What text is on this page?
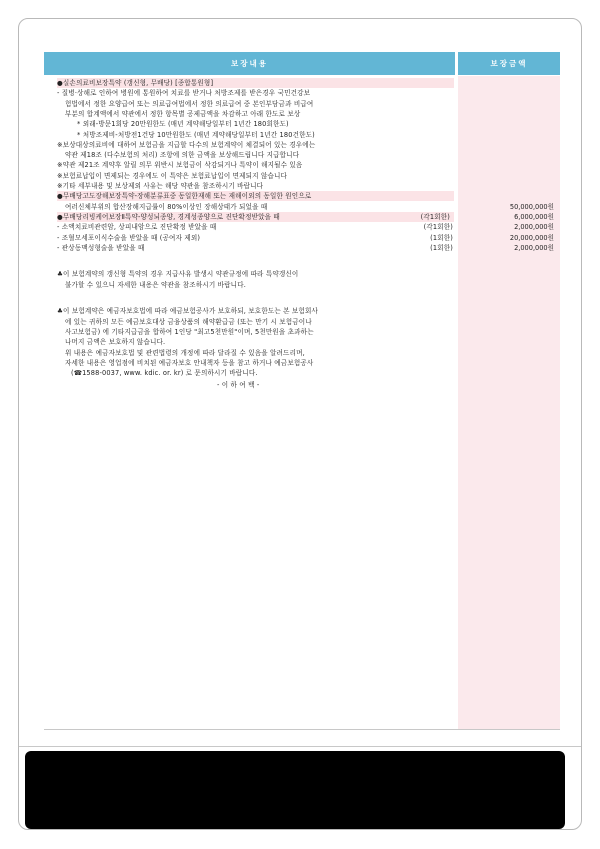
보장내용	보장금액
●실손의료비보장특약 (갱신형, 무배당) [종합통원형]
- 질병·상해로 인하여 병원에 통원하여 치료를 받거나 처방조제를 받은경우 국민건강보
험법에서 정한 요양급여 또는 의료급여법에서 정한 의료급여 중 본인부담금과 비급여
부분의 합계액에서 약관에서 정한 항목별 공제금액을 차감하고 아래 한도로 보상
* 외래-방문1회당 20만원한도 (매년 계약해당일부터 1년간 180회한도)
* 처방조제비-처방전1건당 10만원한도 (매년 계약해당일부터 1년간 180건한도)
※보상대상의료비에 대하여 보험금을 지급할 다수의 보험계약이 체결되어 있는 경우에는
약관 제18조 (다수보험의 처리) 조항에 의한 금액을 보상해드립니다 지급합니다
※약관 제21조 계약후 알릴 의무 위반시 보험금이 삭감되거나 특약이 해지될수 있음
※보험료납입이 면제되는 경우에도 이 특약은 보험료납입이 면제되지 않습니다
※기타 세부내용 및 보상제외 사유는 해당 약관을 참조하시기 바랍니다
●무배당고도장해보장특약-장해분류표중 동일한재해 또는 재해이외의 동일한 원인으로
여러신체부위의 합산장해지급률이 80%이상인 장해상태가 되었을 때	50,000,000원
●무배당리빙케어보장Ⅱ특약-양성뇌종양, 경계성종양으로 진단확정받았을 때	(각1회한)	6,000,000원
- 소액치료비관련암, 상피내암으로 진단확정 받았을 때	(각1회한)	2,000,000원
- 조혈모세포이식수술을 받았을 때 (공여자 제외)	(1회한)	20,000,000원
- 관상동맥성형술을 받았을 때	(1회한)	2,000,000원
♣이 보험계약의 갱신형 특약의 경우 지급사유 발생시 약관규정에 따라 특약갱신이
불가할 수 있으니 자세한 내용은 약관을 참조하시기 바랍니다.
♣이 보험계약은 예금자보호법에 따라 예금보험공사가 보호하되, 보호한도는 본 보험회사
에 있는 귀하의 모든 예금보호대상 금융상품의 해약환급금 (또는 만기 시 보험금이나
사고보험금) 에 기타지급금을 합하여 1인당 "최고5천만원"이며, 5천만원을 초과하는
나머지 금액은 보호하지 않습니다.
위 내용은 예금자보호법 및 관련법령의 개정에 따라 달라질 수 있음을 알려드리며,
자세한 내용은 영업점에 비치된 예금자보호 안내책자 등을 참고 하거나 예금보험공사
(☎1588-0037, www. kdic. or. kr) 로 문의하시기 바랍니다.
- 이 하 여 백 -
